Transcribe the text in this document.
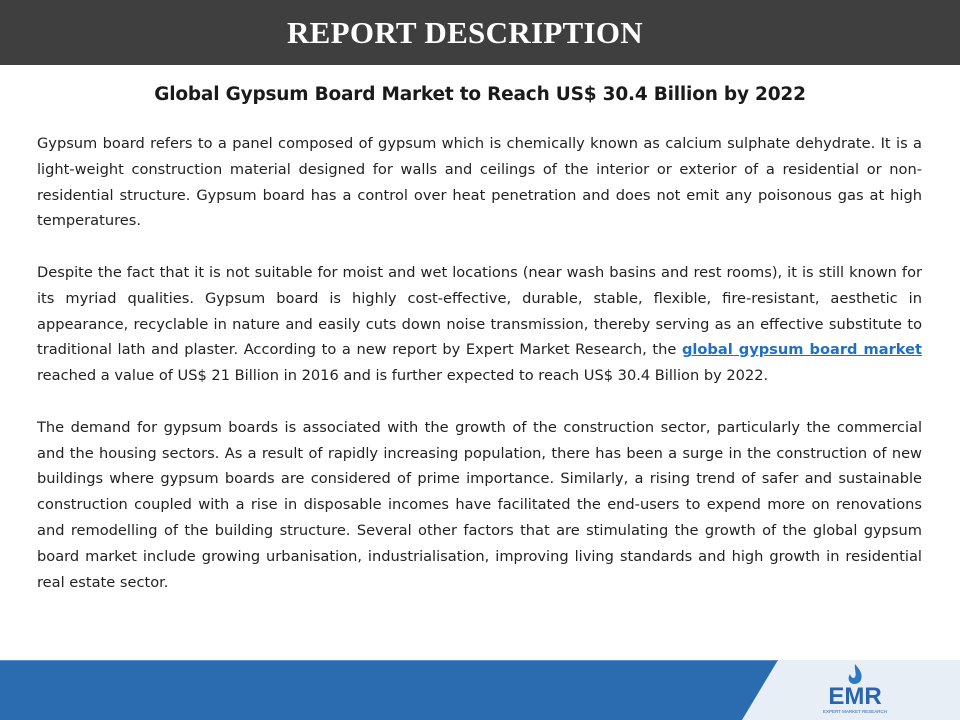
REPORT DESCRIPTION
Global Gypsum Board Market to Reach US$ 30.4 Billion by 2022

Gypsum board refers to a panel composed of gypsum which is chemically known as calcium sulphate dehydrate. It is a light-weight construction material designed for walls and ceilings of the interior or exterior of a residential or non-residential structure. Gypsum board has a control over heat penetration and does not emit any poisonous gas at high temperatures.

Despite the fact that it is not suitable for moist and wet locations (near wash basins and rest rooms), it is still known for its myriad qualities. Gypsum board is highly cost-effective, durable, stable, flexible, fire-resistant, aesthetic in appearance, recyclable in nature and easily cuts down noise transmission, thereby serving as an effective substitute to traditional lath and plaster. According to a new report by Expert Market Research, the global gypsum board market reached a value of US$ 21 Billion in 2016 and is further expected to reach US$ 30.4 Billion by 2022.

The demand for gypsum boards is associated with the growth of the construction sector, particularly the commercial and the housing sectors. As a result of rapidly increasing population, there has been a surge in the construction of new buildings where gypsum boards are considered of prime importance. Similarly, a rising trend of safer and sustainable construction coupled with a rise in disposable incomes have facilitated the end-users to expend more on renovations and remodelling of the building structure. Several other factors that are stimulating the growth of the global gypsum board market include growing urbanisation, industrialisation, improving living standards and high growth in residential real estate sector.

EMR
EXPERT MARKET RESEARCH
